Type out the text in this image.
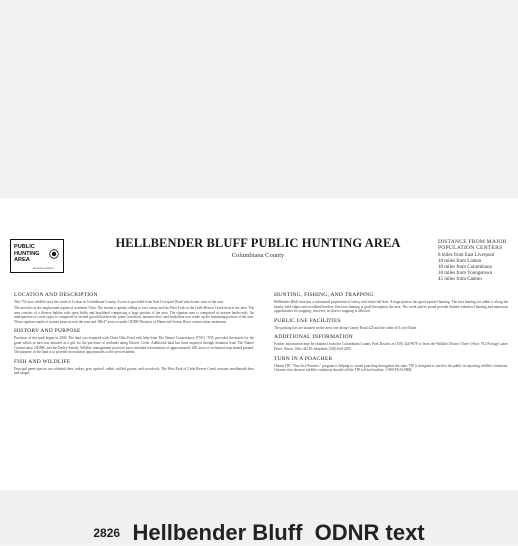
PUBLIC
HUNTING
AREA
WILDLIFE DIVISION
HELLBENDER BLUFF PUBLIC HUNTING AREA
Columbiana County
DISTANCE FROM MAJOR POPULATION CENTERS
8 miles from East Liverpool
10 miles from Lisbon
18 miles from Columbiana
18 miles from Youngstown
45 miles from Canton
LOCATION AND DESCRIPTION

This 752-acre wildlife area lies south of Lisbon in Columbiana County. Access is provided from East Liverpool Road which runs west of the area.

The area lies in the unglaciated region of northeast Ohio. The terrain is gently rolling to very steep, and the West Fork of the Little Beaver Creek bisects the area. The area consists of a diverse habitat with open fields and brushland comprising a large portion of the area. The riparian area is comprised of mature hardwoods. An interspersion of cover types is comprised of second growth hardwoods, pines, hawthorn, autumn olive, and multiflora rose make up the remaining portion of the area. These riparian stands of mature pines accent the area and 386.47 acres is under ODNR Division of Watercraft Scenic River conservation easements.

HISTORY AND PURPOSE

Purchase of this park began in 2006. The land was acquired with Clean Ohio Fund with help from The Nature Conservancy (TNC). TNC provided the match for the grant which in turn was donated as a gift for the purchase of wetlands along Beaver Creek. Additional land has been acquired through donation from The Nature Conservancy, ODNR, and the Dailey Family. Wildlife management practices have included reforestation of approximately 200 acres of reclaimed strip mined ground. The purpose of the land is to provide recreational opportunities to the area residents.

FISH AND WILDLIFE

Principal game species are whitetail deer, turkey, grey squirrel, rabbit, ruffled grouse, and woodcock. The West Fork of Little Beaver Creek contains smallmouth bass and sauger.

HUNTING, FISHING, AND TRAPPING

Hellbender Bluff area has a substantial population of turkey and white-tail deer. A large portion has good squirrel hunting. The best hunting for rabbit is along the brushy field edges and woodland borders. Raccoon hunting is good throughout the area. The creek and its proud provide limited waterfowl hunting and numerous opportunities for trapping; however, no beaver trapping is allowed.

PUBLIC USE FACILITIES

The parking lots are situated on the area, one along County Road 425 and the other off Lowe Road.

ADDITIONAL INFORMATION

Further information may be obtained from the Columbiana County Park District at (330) 424-9078 or from the Wildlife District Three Office, 912 Portage Lakes Drive, Akron, Ohio 44319; telephone (330) 644-2293.

TURN IN A POACHER

Obtain TIP, "Turn In a Poacher," program is helping to curtail poaching throughout the state. TIP is designed to involve the public in reporting wildlife violations. Citizens who observe wildlife violations should call the TIP toll-free hotline, 1-800-POACHER.

2826 Hellbender Bluff  ODNR text
